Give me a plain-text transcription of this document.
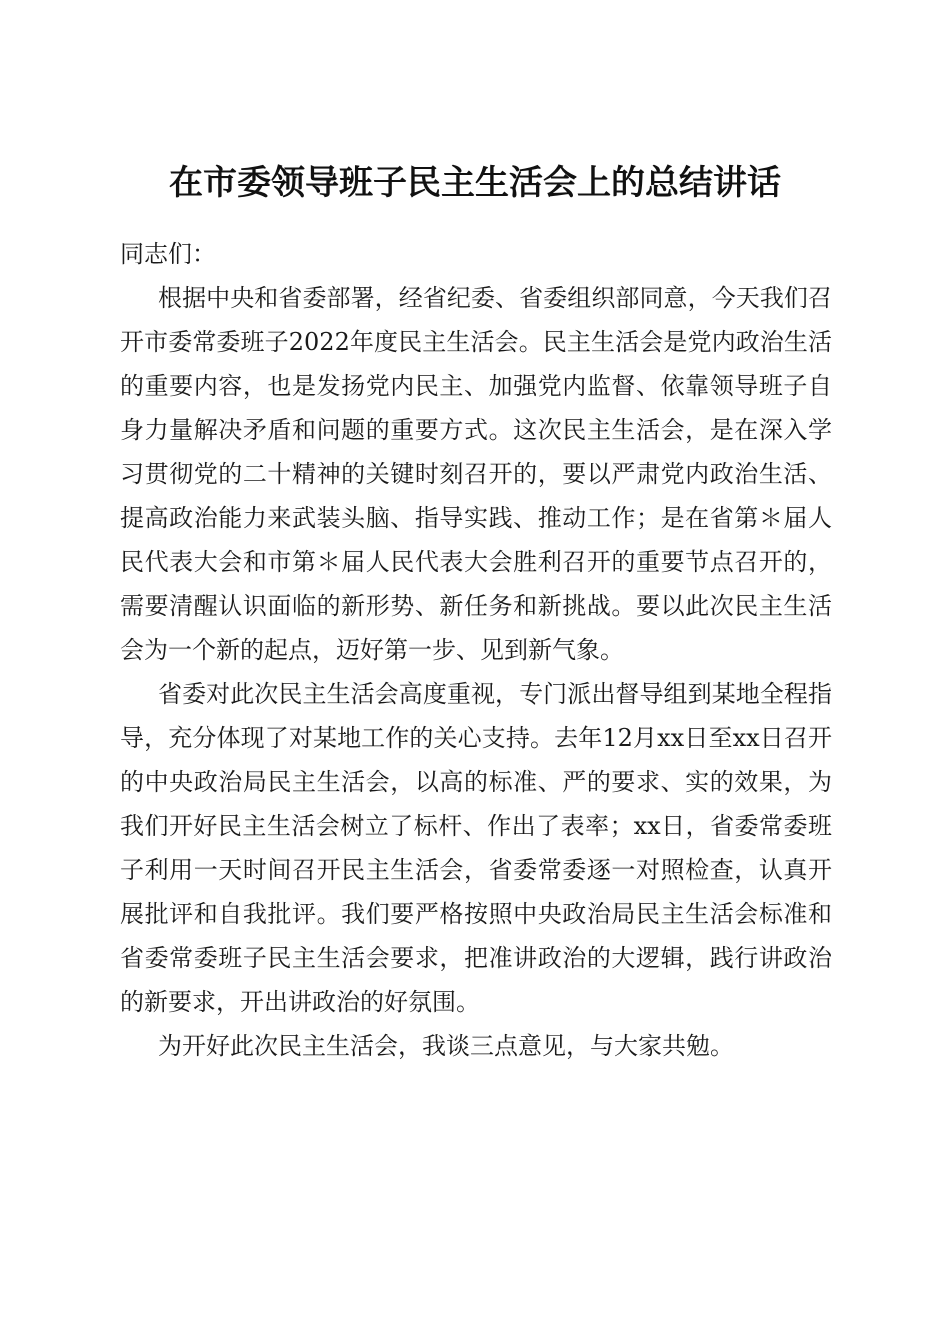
在市委领导班子民主生活会上的总结讲话

同志们：

根据中央和省委部署，经省纪委、省委组织部同意，今天我们召开市委常委班子2022年度民主生活会。民主生活会是党内政治生活的重要内容，也是发扬党内民主、加强党内监督、依靠领导班子自身力量解决矛盾和问题的重要方式。这次民主生活会，是在深入学习贯彻党的二十精神的关键时刻召开的，要以严肃党内政治生活、提高政治能力来武装头脑、指导实践、推动工作；是在省第＊届人民代表大会和市第＊届人民代表大会胜利召开的重要节点召开的，需要清醒认识面临的新形势、新任务和新挑战。要以此次民主生活会为一个新的起点，迈好第一步、见到新气象。

省委对此次民主生活会高度重视，专门派出督导组到某地全程指导，充分体现了对某地工作的关心支持。去年12月xx日至xx日召开的中央政治局民主生活会，以高的标准、严的要求、实的效果，为我们开好民主生活会树立了标杆、作出了表率；xx日，省委常委班子利用一天时间召开民主生活会，省委常委逐一对照检查，认真开展批评和自我批评。我们要严格按照中央政治局民主生活会标准和省委常委班子民主生活会要求，把准讲政治的大逻辑，践行讲政治的新要求，开出讲政治的好氛围。

为开好此次民主生活会，我谈三点意见，与大家共勉。
